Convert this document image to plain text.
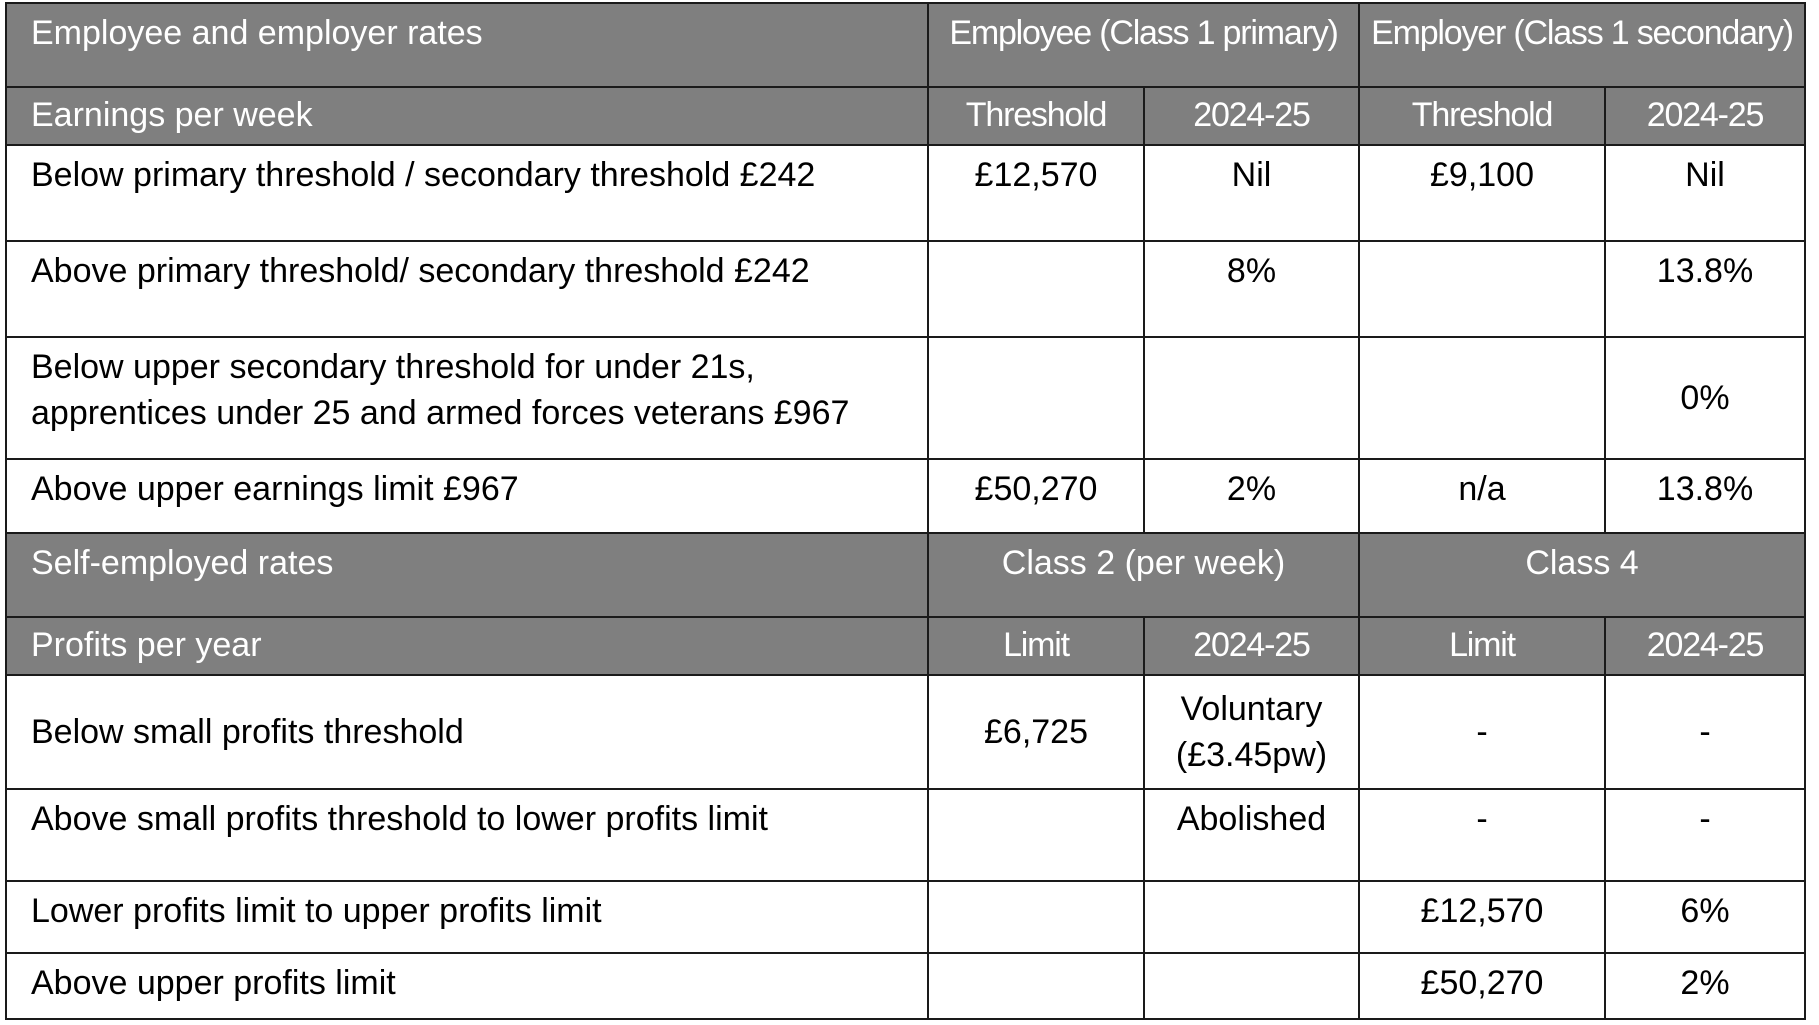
Employee and employer rates	Employee (Class 1 primary)		Employer (Class 1 secondary)	
Earnings per week	Threshold	2024-25	Threshold	2024-25
Below primary threshold / secondary threshold £242	£12,570	Nil	£9,100	Nil
Above primary threshold/ secondary threshold £242		8%		13.8%

Below upper secondary threshold for under 21s,
apprentices under 25 and armed forces veterans £967				0%
Above upper earnings limit £967	£50,270	2%	n/a	13.8%
Self-employed rates	Class 2 (per week)		Class 4	
Profits per year	Limit	2024-25	Limit	2024-25
Below small profits threshold	£6,725	Voluntary
(£3.45pw)	-	-
Above small profits threshold to lower profits limit		Abolished	-	-
Lower profits limit to upper profits limit			£12,570	6%
Above upper profits limit			£50,270	2%
